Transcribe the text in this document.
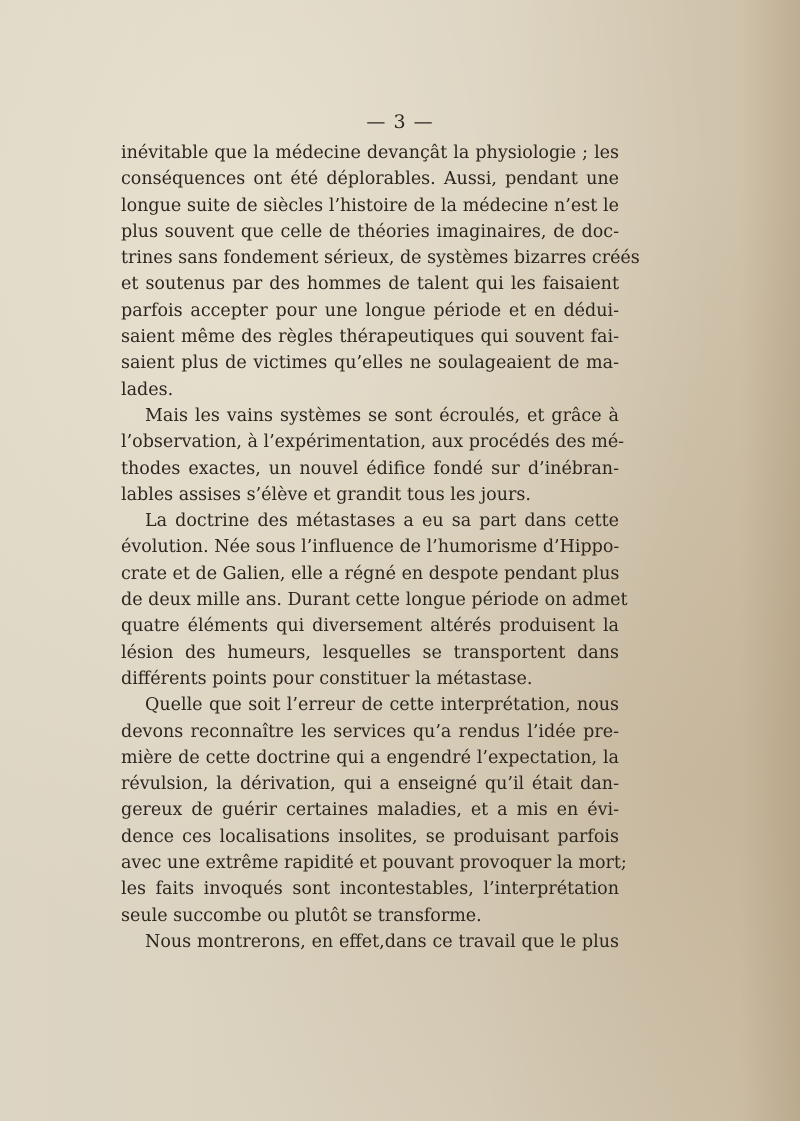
— 3 —
inévitable que la médecine devançât la physiologie ; les
conséquences ont été déplorables. Aussi, pendant une
longue suite de siècles l’histoire de la médecine n’est le
plus souvent que celle de théories imaginaires, de doc-
trines sans fondement sérieux, de systèmes bizarres créés
et soutenus par des hommes de talent qui les faisaient
parfois accepter pour une longue période et en dédui-
saient même des règles thérapeutiques qui souvent fai-
saient plus de victimes qu’elles ne soulageaient de ma-
lades.
Mais les vains systèmes se sont écroulés, et grâce à
l’observation, à l’expérimentation, aux procédés des mé-
thodes exactes, un nouvel édifice fondé sur d’inébran-
lables assises s’élève et grandit tous les jours.
La doctrine des métastases a eu sa part dans cette
évolution. Née sous l’influence de l’humorisme d’Hippo-
crate et de Galien, elle a régné en despote pendant plus
de deux mille ans. Durant cette longue période on admet
quatre éléments qui diversement altérés produisent la
lésion des humeurs, lesquelles se transportent dans
différents points pour constituer la métastase.
Quelle que soit l’erreur de cette interprétation, nous
devons reconnaître les services qu’a rendus l’idée pre-
mière de cette doctrine qui a engendré l’expectation, la
révulsion, la dérivation, qui a enseigné qu’il était dan-
gereux de guérir certaines maladies, et a mis en évi-
dence ces localisations insolites, se produisant parfois
avec une extrême rapidité et pouvant provoquer la mort;
les faits invoqués sont incontestables, l’interprétation
seule succombe ou plutôt se transforme.
Nous montrerons, en effet,dans ce travail que le plus
